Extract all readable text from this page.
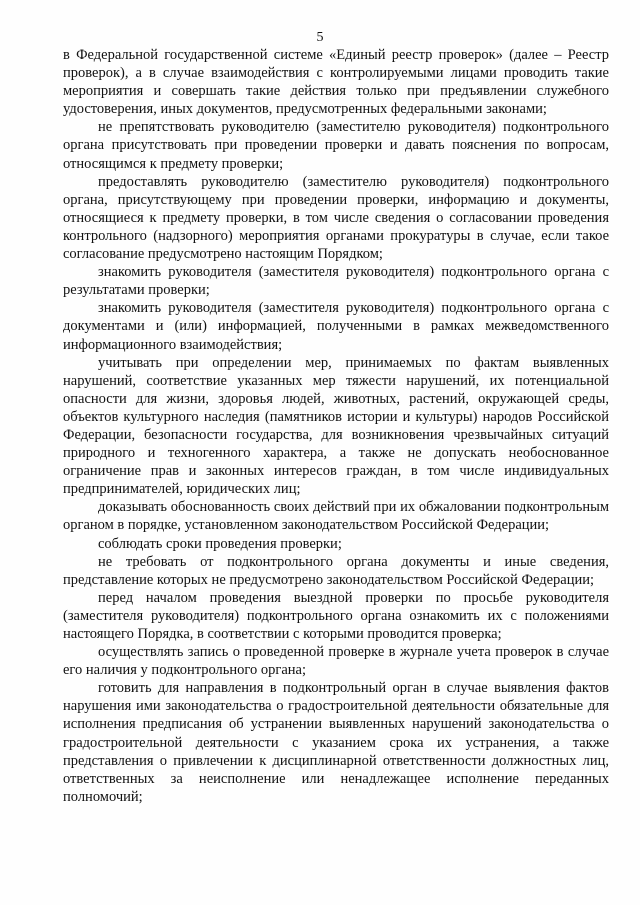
5

в Федеральной государственной системе «Единый реестр проверок» (далее – Реестр проверок), а в случае взаимодействия с контролируемыми лицами проводить такие мероприятия и совершать такие действия только при предъявлении служебного удостоверения, иных документов, предусмотренных федеральными законами;

не препятствовать руководителю (заместителю руководителя) подконтрольного органа присутствовать при проведении проверки и давать пояснения по вопросам, относящимся к предмету проверки;

предоставлять руководителю (заместителю руководителя) подконтрольного органа, присутствующему при проведении проверки, информацию и документы, относящиеся к предмету проверки, в том числе сведения о согласовании проведения контрольного (надзорного) мероприятия органами прокуратуры в случае, если такое согласование предусмотрено настоящим Порядком;

знакомить руководителя (заместителя руководителя) подконтрольного органа с результатами проверки;

знакомить руководителя (заместителя руководителя) подконтрольного органа с документами и (или) информацией, полученными в рамках межведомственного информационного взаимодействия;

учитывать при определении мер, принимаемых по фактам выявленных нарушений, соответствие указанных мер тяжести нарушений, их потенциальной опасности для жизни, здоровья людей, животных, растений, окружающей среды, объектов культурного наследия (памятников истории и культуры) народов Российской Федерации, безопасности государства, для возникновения чрезвычайных ситуаций природного и техногенного характера, а также не допускать необоснованное ограничение прав и законных интересов граждан, в том числе индивидуальных предпринимателей, юридических лиц;

доказывать обоснованность своих действий при их обжаловании подконтрольным органом в порядке, установленном законодательством Российской Федерации;

соблюдать сроки проведения проверки;

не требовать от подконтрольного органа документы и иные сведения, представление которых не предусмотрено законодательством Российской Федерации;

перед началом проведения выездной проверки по просьбе руководителя (заместителя руководителя) подконтрольного органа ознакомить их с положениями настоящего Порядка, в соответствии с которыми проводится проверка;

осуществлять запись о проведенной проверке в журнале учета проверок в случае его наличия у подконтрольного органа;

готовить для направления в подконтрольный орган в случае выявления фактов нарушения ими законодательства о градостроительной деятельности обязательные для исполнения предписания об устранении выявленных нарушений законодательства о градостроительной деятельности с указанием срока их устранения, а также представления о привлечении к дисциплинарной ответственности должностных лиц, ответственных за неисполнение или ненадлежащее исполнение переданных полномочий;
